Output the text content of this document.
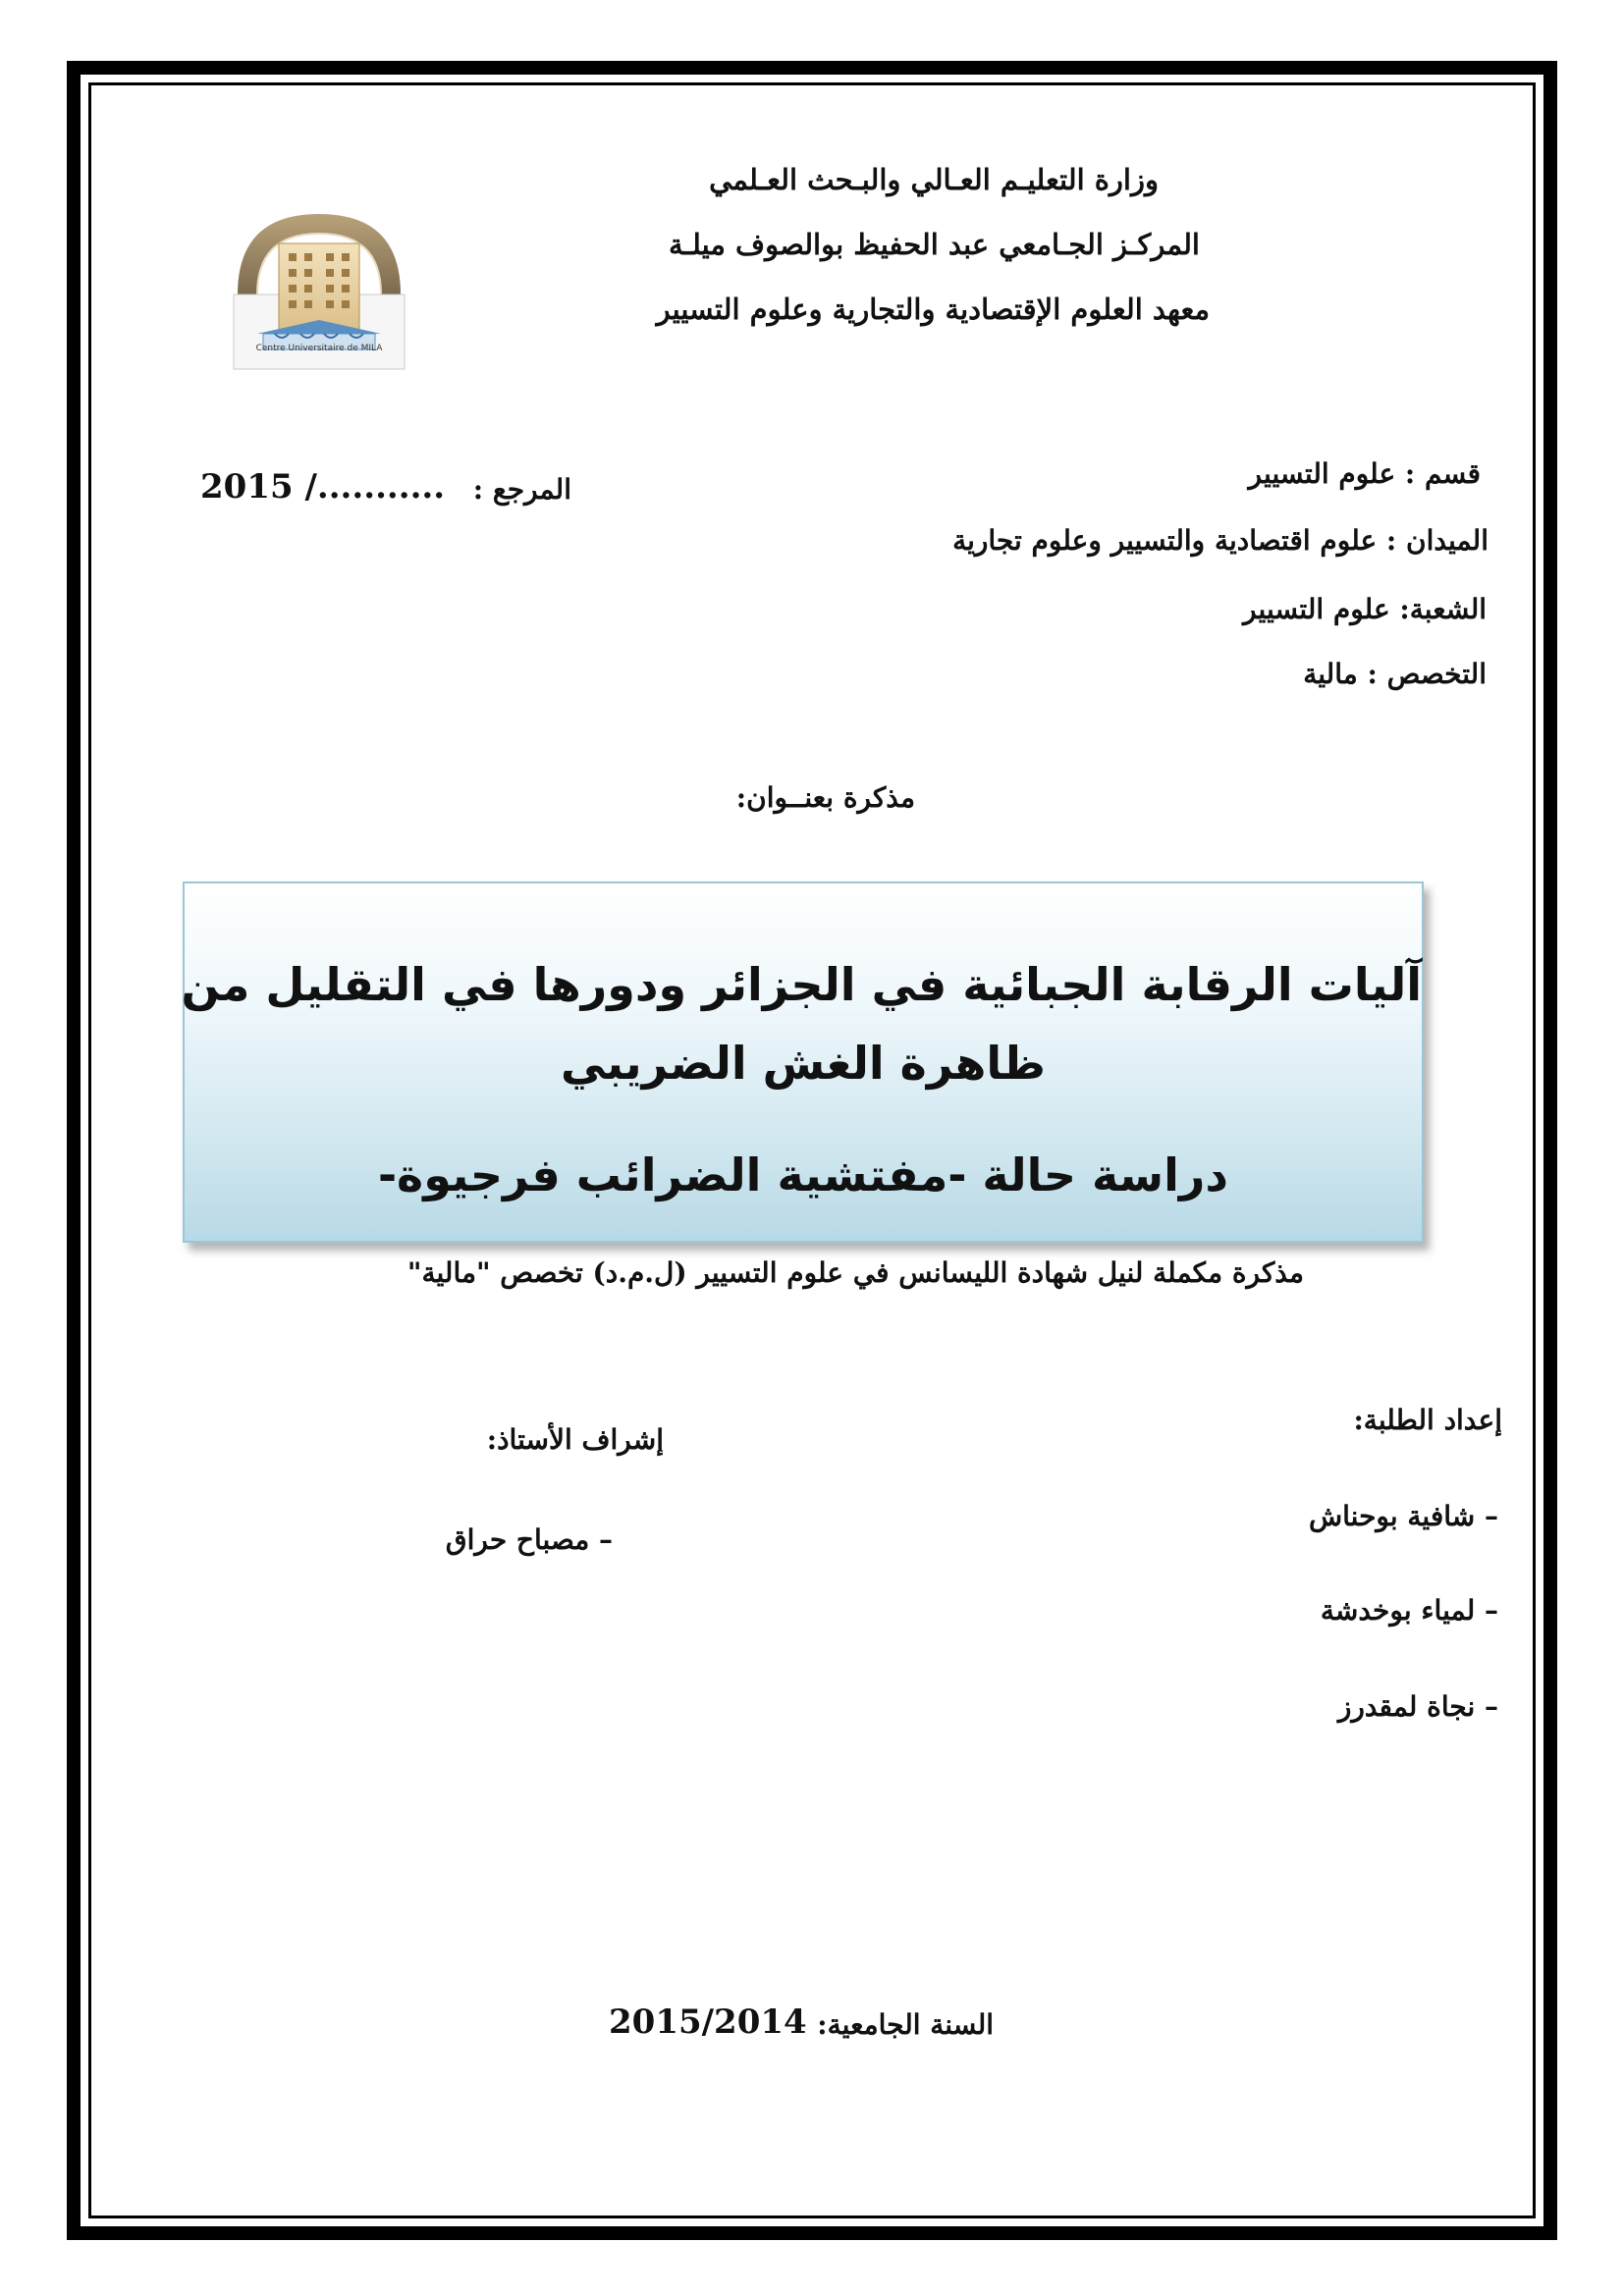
وزارة التعليـم العـالي والبـحث العـلمي
المركـز الجـامعي عبد الحفيظ بوالصوف ميلـة
معهد العلوم الإقتصادية والتجارية وعلوم التسيير
Centre Universitaire de MILA
المرجع :
2015 /...........	قسم : علوم التسيير
الميدان : علوم اقتصادية والتسيير وعلوم تجارية
الشعبة: علوم التسيير
التخصص : مالية
مذكرة بعنــوان:
آليات الرقابة الجبائية في الجزائر ودورها في التقليل من
ظاهرة الغش الضريبي
دراسة حالة -مفتشية الضرائب فرجيوة-
مذكرة مكملة لنيل شهادة الليسانس في علوم التسيير (ل.م.د) تخصص "مالية"
إعداد الطلبة:
– شافية بوحناش
– لمياء بوخدشة
– نجاة لمقدرز
إشراف الأستاذ:
– مصباح حراق
السنة الجامعية:
2015/2014
